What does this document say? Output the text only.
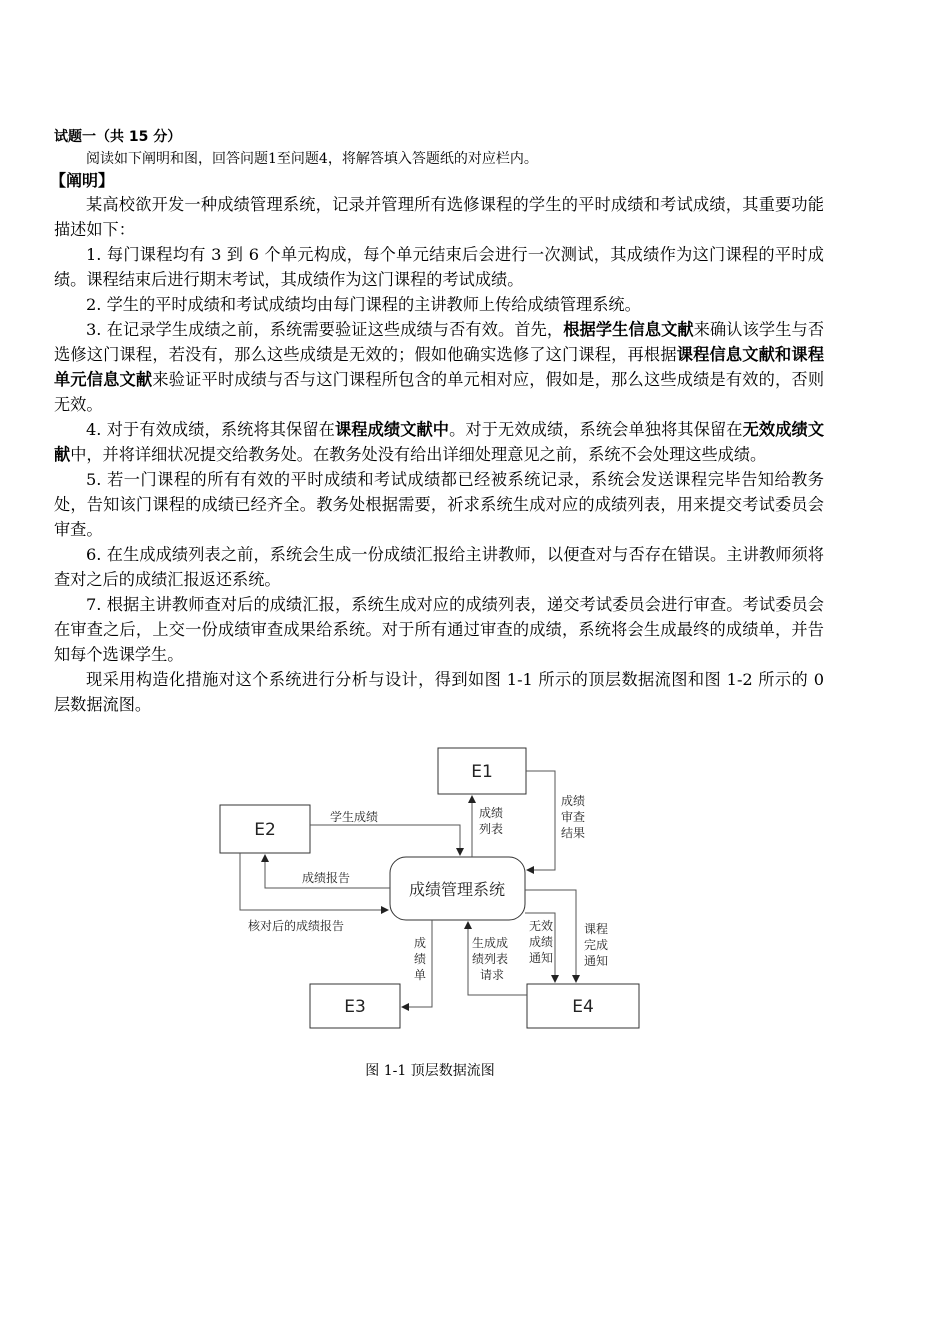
试题一（共 15 分）
阅读如下阐明和图，回答问题1至问题4，将解答填入答题纸的对应栏内。
【阐明】

某高校欲开发一种成绩管理系统，记录并管理所有选修课程的学生的平时成绩和考试成绩，其重要功能描述如下：

1. 每门课程均有 3 到 6 个单元构成，每个单元结束后会进行一次测试，其成绩作为这门课程的平时成绩。课程结束后进行期末考试，其成绩作为这门课程的考试成绩。

2. 学生的平时成绩和考试成绩均由每门课程的主讲教师上传给成绩管理系统。

3. 在记录学生成绩之前，系统需要验证这些成绩与否有效。首先，根据学生信息文献来确认该学生与否选修这门课程，若没有，那么这些成绩是无效的；假如他确实选修了这门课程，再根据课程信息文献和课程单元信息文献来验证平时成绩与否与这门课程所包含的单元相对应，假如是，那么这些成绩是有效的，否则无效。

4. 对于有效成绩，系统将其保留在课程成绩文献中。对于无效成绩，系统会单独将其保留在无效成绩文献中，并将详细状况提交给教务处。在教务处没有给出详细处理意见之前，系统不会处理这些成绩。

5. 若一门课程的所有有效的平时成绩和考试成绩都已经被系统记录，系统会发送课程完毕告知给教务处，告知该门课程的成绩已经齐全。教务处根据需要，祈求系统生成对应的成绩列表，用来提交考试委员会审查。

6. 在生成成绩列表之前，系统会生成一份成绩汇报给主讲教师，以便查对与否存在错误。主讲教师须将查对之后的成绩汇报返还系统。

7. 根据主讲教师查对后的成绩汇报，系统生成对应的成绩列表，递交考试委员会进行审查。考试委员会在审查之后，上交一份成绩审查成果给系统。对于所有通过审查的成绩，系统将会生成最终的成绩单，并告知每个选课学生。

现采用构造化措施对这个系统进行分析与设计，得到如图 1-1 所示的顶层数据流图和图 1-2 所示的 0 层数据流图。

E1
E2
E3	E4
成绩管理系统
学生成绩
成绩报告
核对后的成绩报告
成绩
列表
成绩
审查
结果
成
绩
单
生成成
绩列表
请求
无效
成绩
通知
课程
完成
通知
图 1-1 顶层数据流图
